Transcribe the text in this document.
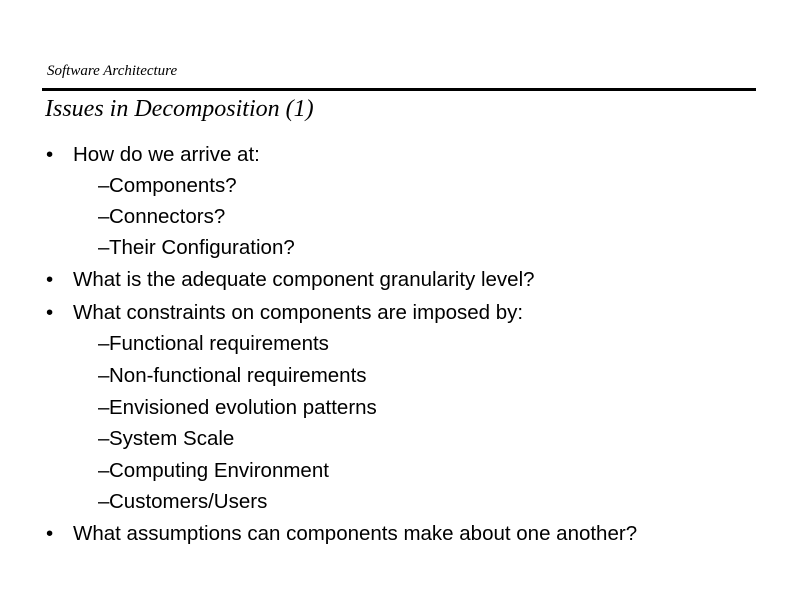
Software Architecture
Issues in Decomposition (1)
• How do we arrive at:
– Components?
– Connectors?
– Their Configuration?
• What is the adequate component granularity level?
• What constraints on components are imposed by:
– Functional requirements
– Non-functional requirements
– Envisioned evolution patterns
– System Scale
– Computing Environment
– Customers/Users
• What assumptions can components make about one another?
